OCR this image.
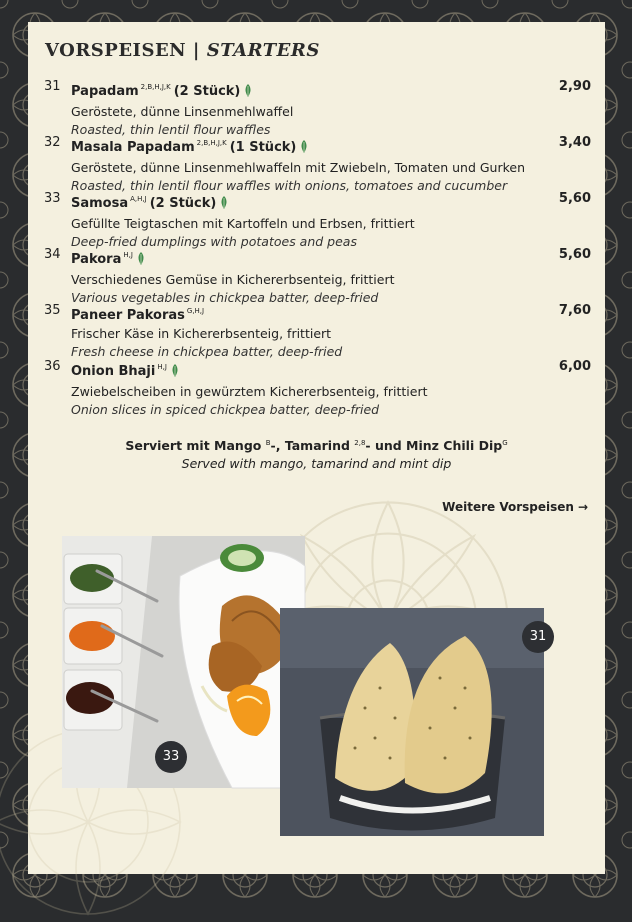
VORSPEISEN | STARTERS
31 Papadam $^{2,B,H,J,K}$ (2 Stück)
Geröstete, dünne Linsenmehlwaffel
Roasted, thin lentil flour waffles
2,90
32 Masala Papadam $^{2,B,H,J,K}$ (1 Stück)
Geröstete, dünne Linsenmehlwaffeln mit Zwiebeln, Tomaten und Gurken
Roasted, thin lentil flour waffles with onions, tomatoes and cucumber
3,40
33 Samosa $^{A,H,J}$ (2 Stück)
Gefüllte Teigtaschen mit Kartoffeln und Erbsen, frittiert
Deep-fried dumplings with potatoes and peas
5,60
34 Pakora $^{H,J}$
Verschiedenes Gemüse in Kichererbsenteig, frittiert
Various vegetables in chickpea batter, deep-fried
5,60
35 Paneer Pakoras $^{G,H,J}$
Frischer Käse in Kichererbsenteig, frittiert
Fresh cheese in chickpea batter, deep-fried
7,60
36 Onion Bhaji $^{H,J}$
Zwiebelscheiben in gewürztem Kichererbsenteig, frittiert
Onion slices in spiced chickpea batter, deep-fried
6,00
Serviert mit Mango $^B$-, Tamarind $^{2,8}$- und Minz Chili Dip$^G$
Served with mango, tamarind and mint dip
Weitere Vorspeisen →
33
31
